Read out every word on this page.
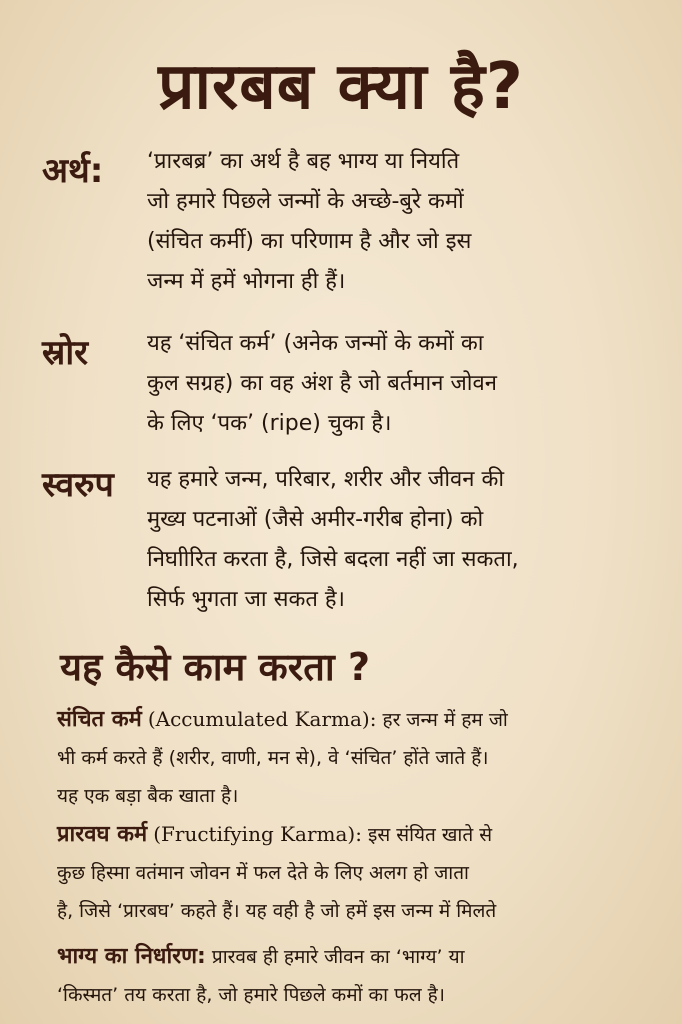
प्रारबब क्या है?
अर्थ: ‘प्रारबब्र’ का अर्थ है बह भाग्य या नियति
जो हमारे पिछले जन्मों के अच्छे-बुरे कमों
(संचित कर्मी) का परिणाम है और जो इस
जन्म में हमें भोगना ही हैं।
स्रोर	यह ‘संचित कर्म’ (अनेक जन्मों के कमों का
कुल सग्रह) का वह अंश है जो बर्तमान जोवन
के लिए ‘पक’ (ripe) चुका है।
स्वरुप यह हमारे जन्म, परिबार, शरीर और जीवन की
मुख्य पटनाओं (जैसे अमीर-गरीब होना) को
निघाीरित करता है, जिसे बदला नहीं जा सकता,
सिर्फ भुगता जा सकत है।
यह कैसे काम करता ?
संचित कर्म (Accumulated Karma): हर जन्म में हम जो
भी कर्म करते हैं (शरीर, वाणी, मन से), वे ‘संचित’ होंते जाते हैं।
यह एक बड़ा बैक खाता है।
प्रारवघ कर्म (Fructifying Karma): इस संयित खाते से
कुछ हिस्मा वतंमान जोवन में फल देते के लिए अलग हो जाता
है, जिसे ‘प्रारबघ’ कहते हैं। यह वही है जो हमें इस जन्म में मिलते
भाग्य का निर्धारण: प्रारवब ही हमारे जीवन का ‘भाग्य’ या
‘किस्मत’ तय करता है, जो हमारे पिछले कमों का फल है।
